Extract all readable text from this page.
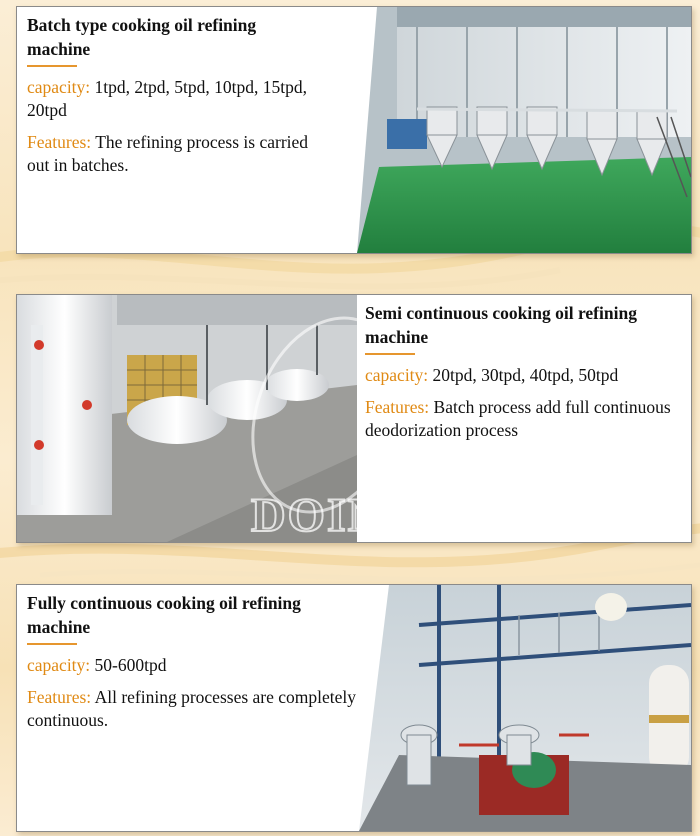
Batch type cooking oil refining machine

capacity: 1tpd, 2tpd, 5tpd, 10tpd, 15tpd, 20tpd

Features: The refining process is carried out in batches.

DOING

Semi continuous cooking oil refining machine

capacity: 20tpd, 30tpd, 40tpd, 50tpd

Features: Batch process add full continuous deodorization process

Fully continuous cooking oil refining machine

capacity: 50-600tpd

Features: All refining processes are completely continuous.
